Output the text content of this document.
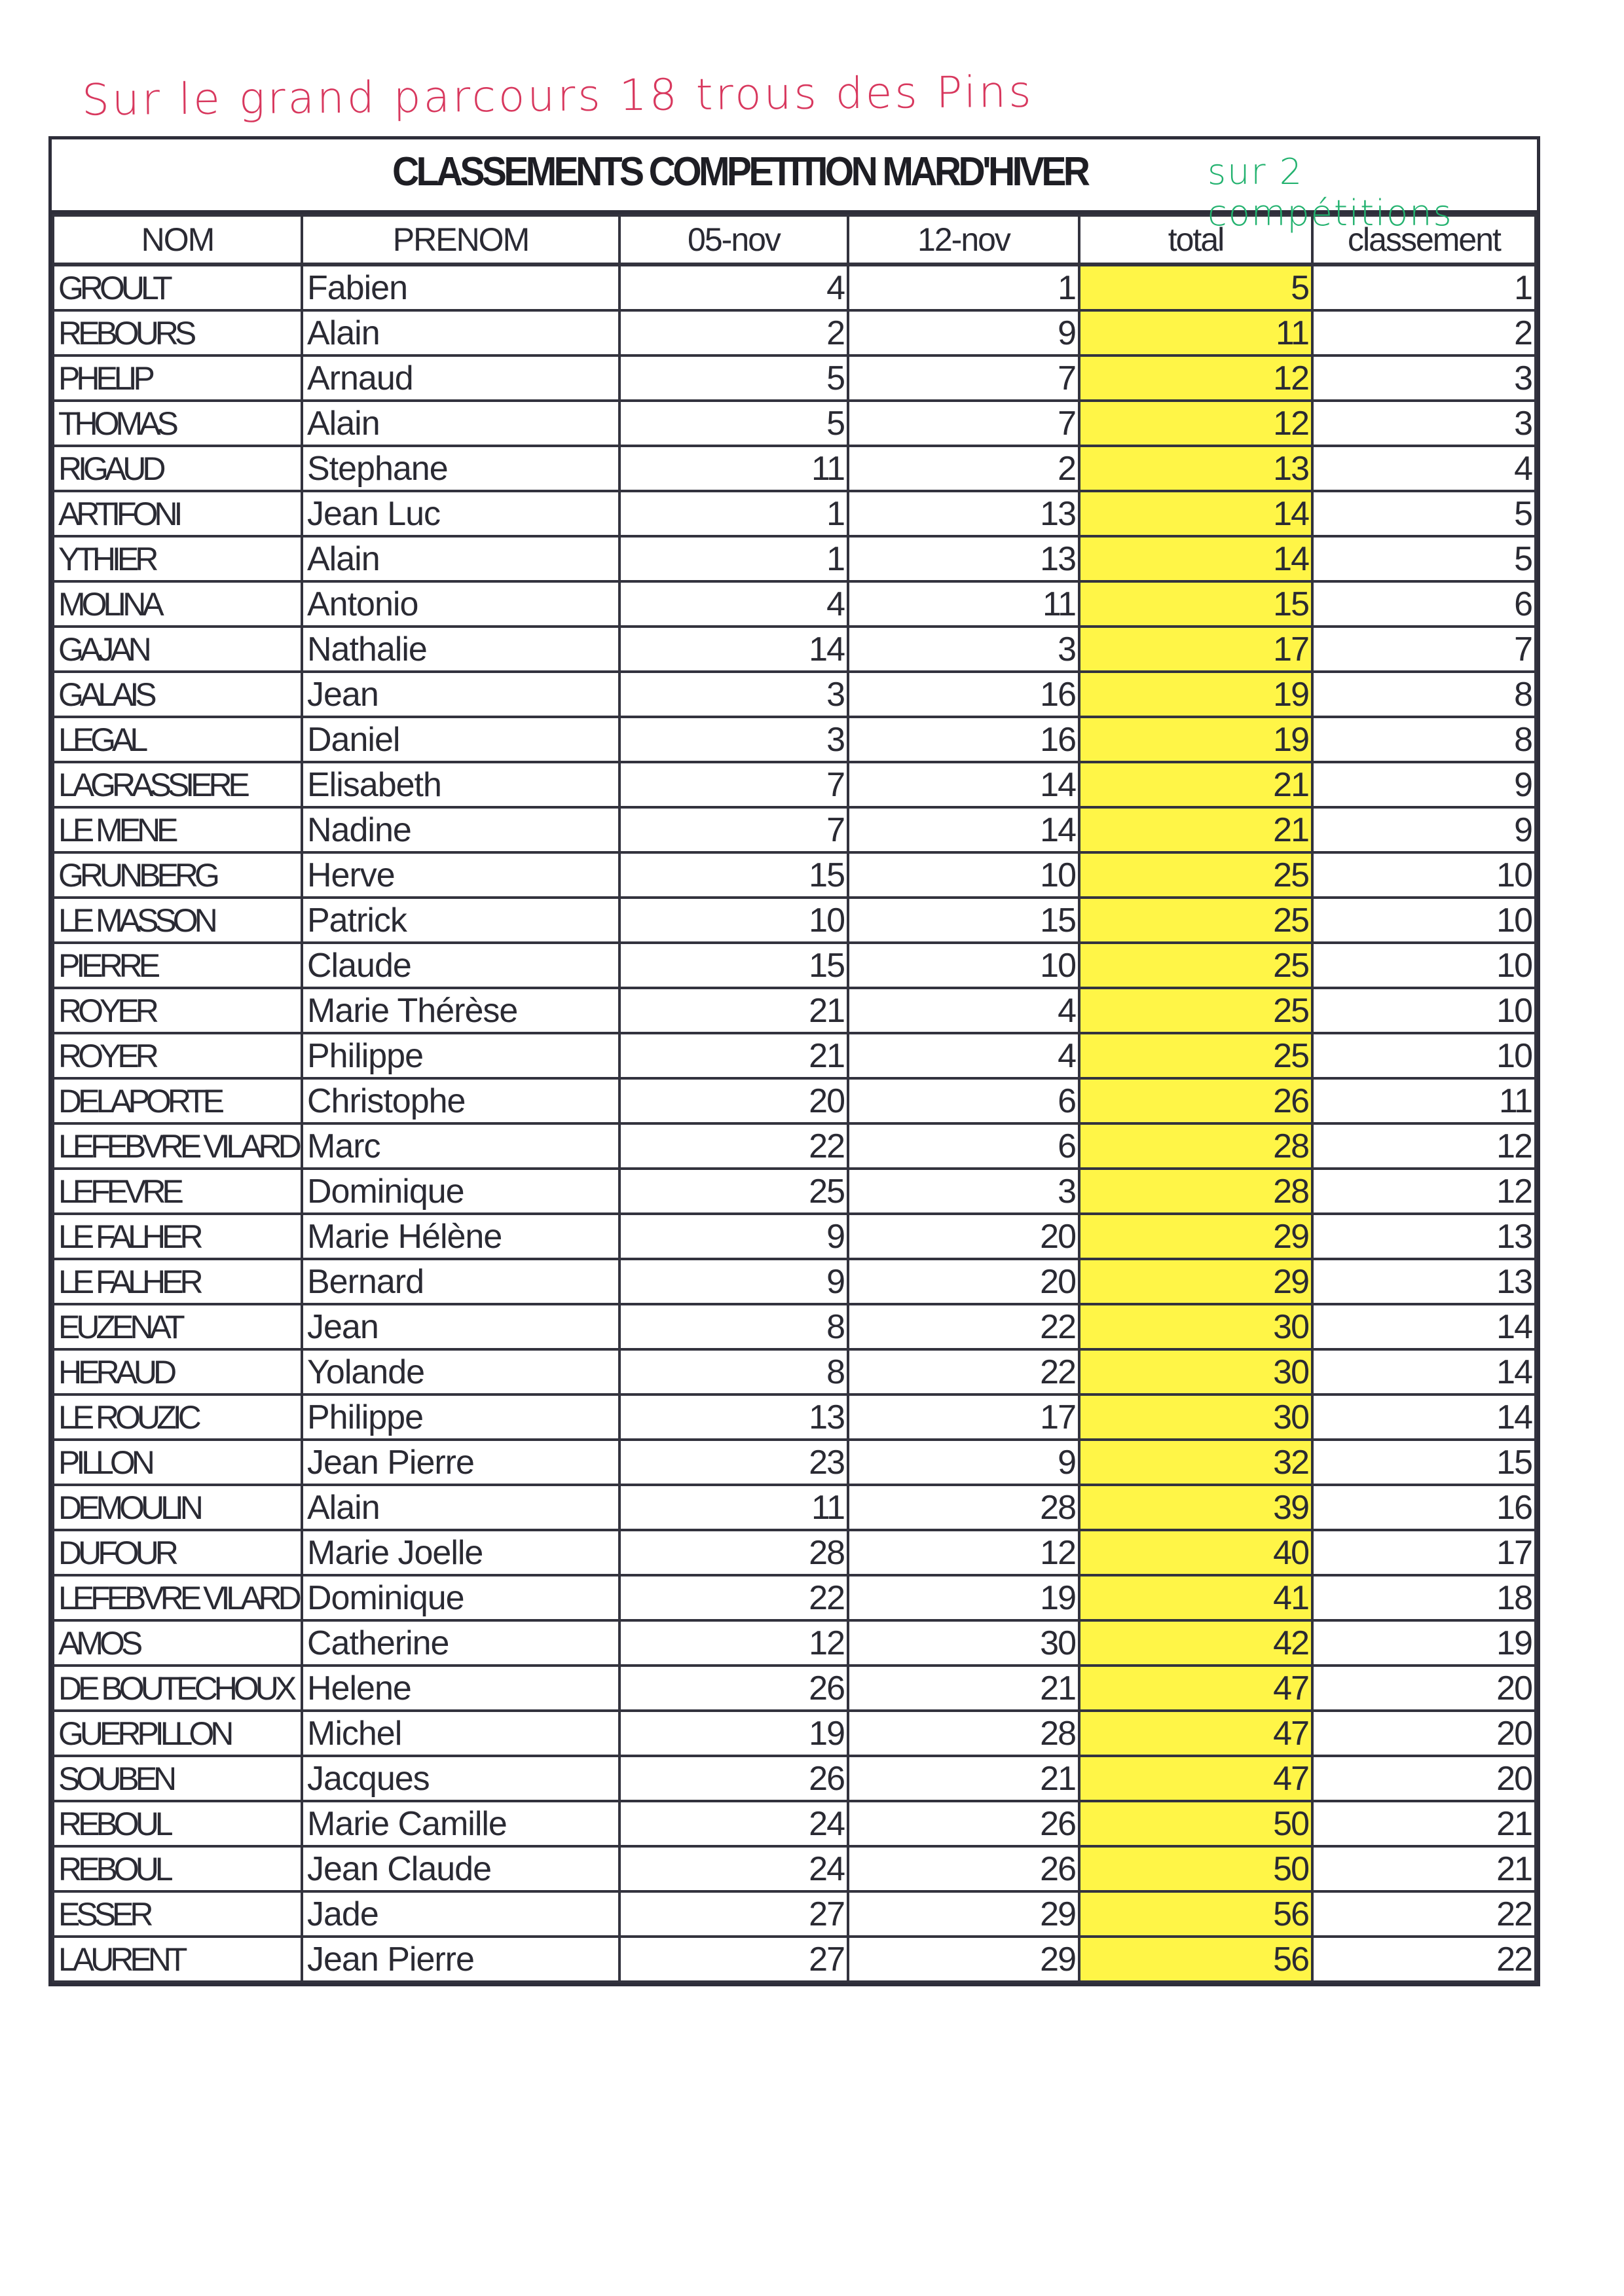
Sur le grand parcours 18 trous des Pins
CLASSEMENTS COMPETITION MARD'HIVER	sur 2 compétitions
NOM	PRENOM	05-nov	12-nov	total	classement
GROULT	Fabien	4	1	5	1
REBOURS	Alain	2	9	11	2
PHELIP	Arnaud	5	7	12	3
THOMAS	Alain	5	7	12	3
RIGAUD	Stephane	11	2	13	4
ARTIFONI	Jean Luc	1	13	14	5
YTHIER	Alain	1	13	14	5
MOLINA	Antonio	4	11	15	6
GAJAN	Nathalie	14	3	17	7
GALAIS	Jean	3	16	19	8
LEGAL	Daniel	3	16	19	8
LAGRASSIERE	Elisabeth	7	14	21	9
LE MENE	Nadine	7	14	21	9
GRUNBERG	Herve	15	10	25	10
LE MASSON	Patrick	10	15	25	10
PIERRE	Claude	15	10	25	10
ROYER	Marie Thérèse	21	4	25	10
ROYER	Philippe	21	4	25	10
DELAPORTE	Christophe	20	6	26	11
LEFEBVRE VILARD	Marc	22	6	28	12
LEFEVRE	Dominique	25	3	28	12
LE FALHER	Marie Hélène	9	20	29	13
LE FALHER	Bernard	9	20	29	13
EUZENAT	Jean	8	22	30	14
HERAUD	Yolande	8	22	30	14
LE ROUZIC	Philippe	13	17	30	14
PILLON	Jean Pierre	23	9	32	15
DEMOULIN	Alain	11	28	39	16
DUFOUR	Marie Joelle	28	12	40	17
LEFEBVRE VILARD	Dominique	22	19	41	18
AMOS	Catherine	12	30	42	19
DE BOUTECHOUX	Helene	26	21	47	20
GUERPILLON	Michel	19	28	47	20
SOUBEN	Jacques	26	21	47	20
REBOUL	Marie Camille	24	26	50	21
REBOUL	Jean Claude	24	26	50	21
ESSER	Jade	27	29	56	22
LAURENT	Jean Pierre	27	29	56	22
